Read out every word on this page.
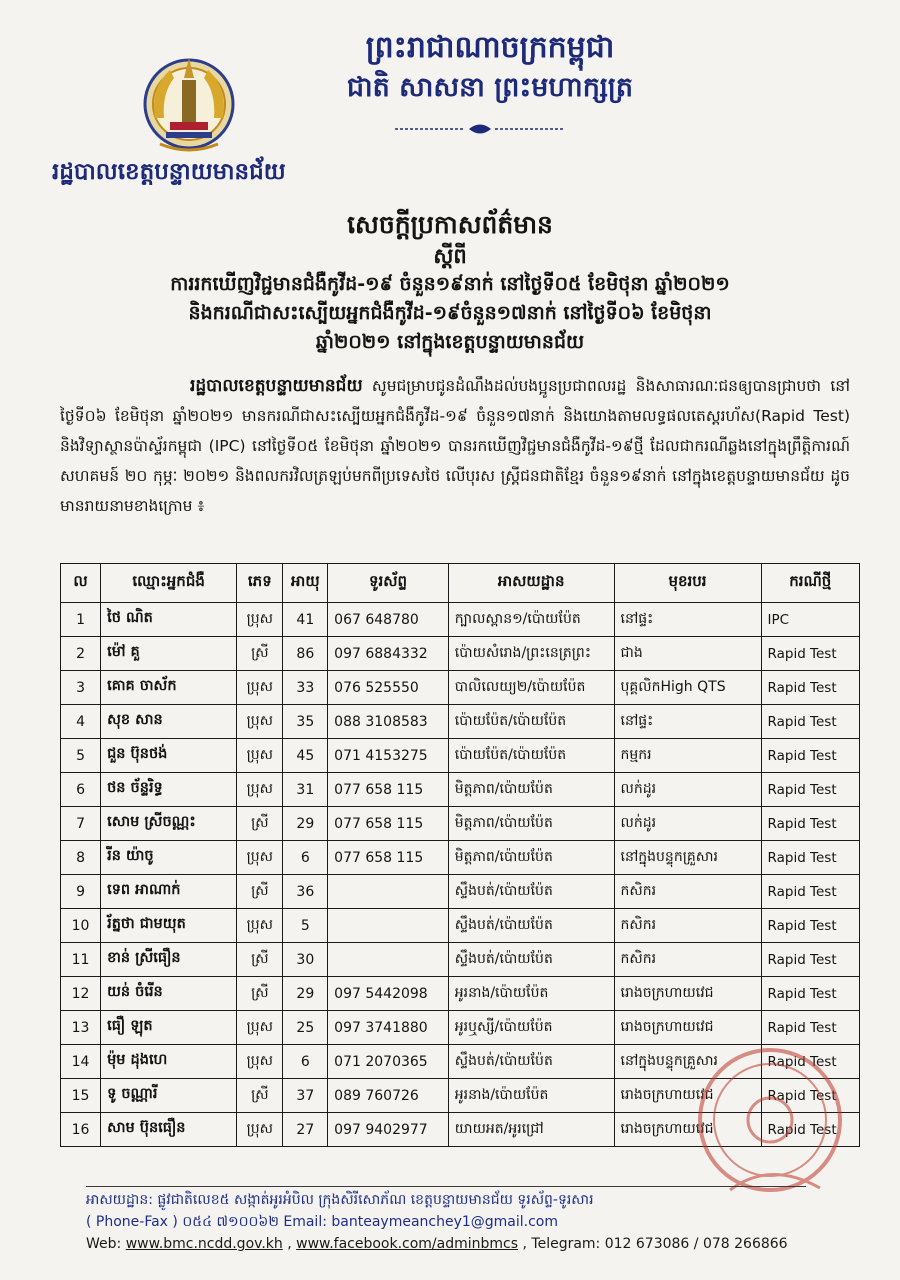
ព្រះរាជាណាចក្រកម្ពុជា
ជាតិ សាសនា ព្រះមហាក្សត្រ
រដ្ឋបាលខេត្តបន្ទាយមានជ័យ
សេចក្តីប្រកាសព័ត៌មាន
ស្តីពី
ការរកឃើញវិជ្ជមានជំងឺកូវីដ-១៩ ចំនួន១៩នាក់ នៅថ្ងៃទី០៥ ខែមិថុនា ឆ្នាំ២០២១
និងករណីជាសះស្បើយអ្នកជំងឺកូវីដ-១៩ចំនួន១៧នាក់ នៅថ្ងៃទី០៦ ខែមិថុនា
ឆ្នាំ២០២១ នៅក្នុងខេត្តបន្ទាយមានជ័យ
រដ្ឋបាលខេត្តបន្ទាយមានជ័យ សូមជម្រាបជូនដំណឹងដល់បងប្អូនប្រជាពលរដ្ឋ និងសាធារណៈជនឲ្យបានជ្រាបថា នៅថ្ងៃទី០៦ ខែមិថុនា ឆ្នាំ២០២១ មានករណីជាសះស្បើយអ្នកជំងឺកូវីដ-១៩ ចំនួន១៧នាក់ និងយោងតាមលទ្ធផលតេស្តរហ័ស(Rapid Test) និងវិទ្យាស្ថានប៉ាស្ទ័រកម្ពុជា (IPC) នៅថ្ងៃទី០៥ ខែមិថុនា ឆ្នាំ២០២១ បានរកឃើញវិជ្ជមានជំងឺកូវីដ-១៩ថ្មី ដែលជាករណីឆ្លងនៅក្នុងព្រឹត្តិការណ៍សហគមន៍ ២០ កុម្ភៈ ២០២១ និងពលករវិលត្រឡប់មកពីប្រទេសថៃ លើបុរស ស្ត្រីជនជាតិខ្មែរ ចំនួន១៩នាក់ នៅក្នុងខេត្តបន្ទាយមានជ័យ ដូចមានរាយនាមខាងក្រោម ៖
ល	ឈ្មោះអ្នកជំងឺ	ភេទ	អាយុ	ទូរស័ព្ទ	អាសយដ្ឋាន	មុខរបរ	ករណីថ្មី
1	ថៃ ណិត	ប្រុស	41	067 648780	ក្បាលស្ពាន១/ប៉ោយប៉ែត	នៅផ្ទះ	IPC
2	ម៉ៅ គួ	ស្រី	86	097 6884332	ប៉ោយសំរោង/ព្រះនេត្រព្រះ	ជាង	Rapid Test
3	គោគ ចាស័ក	ប្រុស	33	076 525550	បាលិលេយ្យ២/ប៉ោយប៉ែត	បុគ្គលិកHigh QTS	Rapid Test
4	សុខ សាន	ប្រុស	35	088 3108583	ប៉ោយប៉ែត/ប៉ោយប៉ែត	នៅផ្ទះ	Rapid Test
5	ជួន ប៊ុនថង់	ប្រុស	45	071 4153275	ប៉ោយប៉ែត/ប៉ោយប៉ែត	កម្មករ	Rapid Test
6	ថន ច័ន្ទរិទ្ធ	ប្រុស	31	077 658 115	មិត្តភាព/ប៉ោយប៉ែត	លក់ដូរ	Rapid Test
7	សោម ស្រីចណ្ណះ	ស្រី	29	077 658 115	មិត្តភាព/ប៉ោយប៉ែត	លក់ដូរ	Rapid Test
8	រីន យ៉ាចូ	ប្រុស	6	077 658 115	មិត្តភាព/ប៉ោយប៉ែត	នៅក្នុងបន្ទុកគ្រួសារ	Rapid Test
9	ទេព អាណាក់	ស្រី	36		ស្ទឹងបត់/ប៉ោយប៉ែត	កសិករ	Rapid Test
10	រ័ត្នថា ជាមយុត	ប្រុស	5		ស្ទឹងបត់/ប៉ោយប៉ែត	កសិករ	Rapid Test
11	ខាន់ ស្រីធឿន	ស្រី	30		ស្ទឹងបត់/ប៉ោយប៉ែត	កសិករ	Rapid Test
12	យន់ ចំរើន	ស្រី	29	097 5442098	អូរនាង/ប៉ោយប៉ែត	រោងចក្រហាយវេជ	Rapid Test
13	ធឿ ឡុត	ប្រុស	25	097 3741880	អូរឬស្សី/ប៉ោយប៉ែត	រោងចក្រហាយវេជ	Rapid Test
14	ម៉ុម ដុងហេ	ប្រុស	6	071 2070365	ស្ទឹងបត់/ប៉ោយប៉ែត	នៅក្នុងបន្ទុកគ្រួសារ	Rapid Test
15	ទូ ចណ្ណារី	ស្រី	37	089 760726	អូរនាង/ប៉ោយប៉ែត	រោងចក្រហាយវេជ	Rapid Test
16	សាម ប៊ុនធឿន	ប្រុស	27	097 9402977	យាយអត/អូរជ្រៅ	រោងចក្រហាយវេជ	Rapid Test
អាសយដ្ឋាន: ផ្លូវជាតិលេខ៥ សង្កាត់អូរអំបិល ក្រុងសិរីសោភ័ណ ខេត្តបន្ទាយមានជ័យ ទូរស័ព្ទ-ទូរសារ
( Phone-Fax ) ០៥៤ ៧១០០៦២ Email: banteaymeanchey1@gmail.com
Web: www.bmc.ncdd.gov.kh , www.facebook.com/adminbmcs , Telegram: 012 673086 / 078 266866
